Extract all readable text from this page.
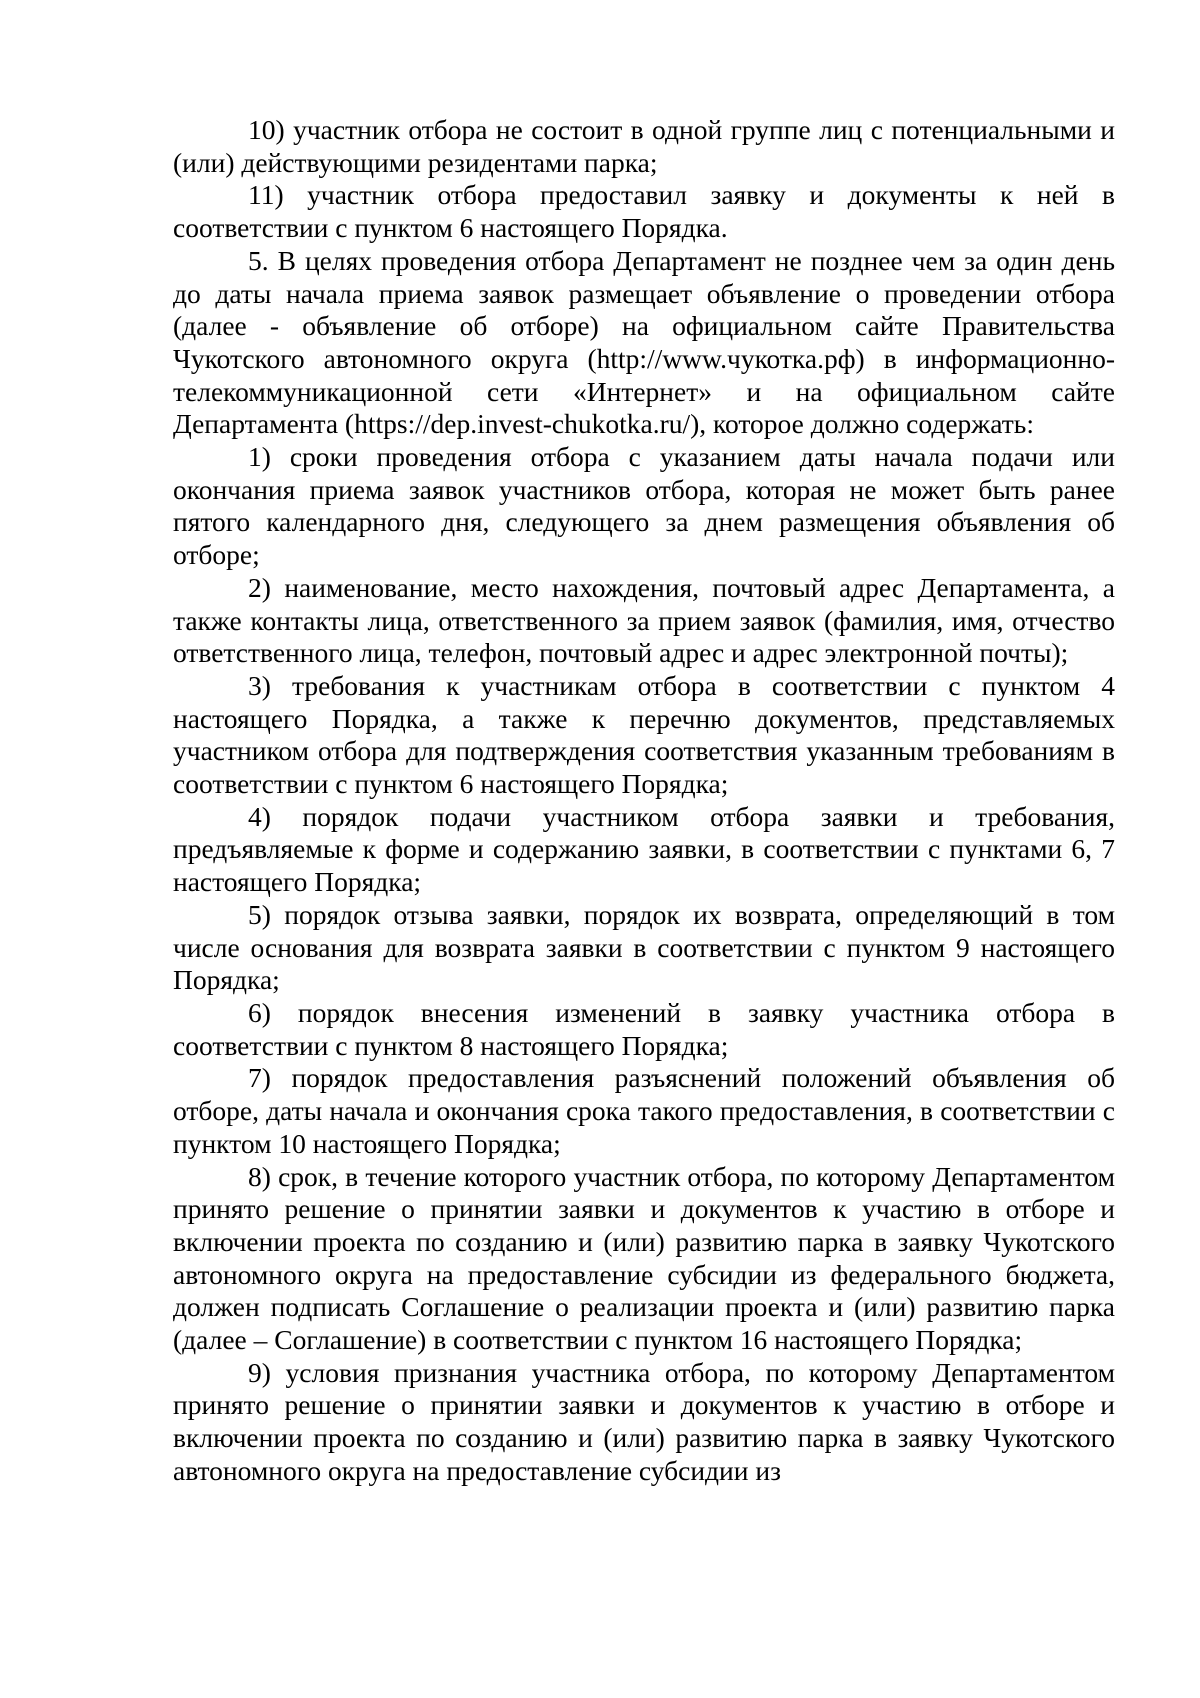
10) участник отбора не состоит в одной группе лиц с потенциальными и (или) действующими резидентами парка;

11) участник отбора предоставил заявку и документы к ней в соответствии с пунктом 6 настоящего Порядка.

5. В целях проведения отбора Департамент не позднее чем за один день до даты начала приема заявок размещает объявление о проведении отбора (далее - объявление об отборе) на официальном сайте Правительства Чукотского автономного округа (http://www.чукотка.рф) в информационно-телекоммуникационной сети «Интернет» и на официальном сайте Департамента (https://dep.invest-chukotka.ru/), которое должно содержать:

1) сроки проведения отбора с указанием даты начала подачи или окончания приема заявок участников отбора, которая не может быть ранее пятого календарного дня, следующего за днем размещения объявления об отборе;

2) наименование, место нахождения, почтовый адрес Департамента, а также контакты лица, ответственного за прием заявок (фамилия, имя, отчество ответственного лица, телефон, почтовый адрес и адрес электронной почты);

3) требования к участникам отбора в соответствии с пунктом 4 настоящего Порядка, а также к перечню документов, представляемых участником отбора для подтверждения соответствия указанным требованиям в соответствии с пунктом 6 настоящего Порядка;

4) порядок подачи участником отбора заявки и требования, предъявляемые к форме и содержанию заявки, в соответствии с пунктами 6, 7 настоящего Порядка;

5) порядок отзыва заявки, порядок их возврата, определяющий в том числе основания для возврата заявки в соответствии с пунктом 9 настоящего Порядка;

6) порядок внесения изменений в заявку участника отбора в соответствии с пунктом 8 настоящего Порядка;

7) порядок предоставления разъяснений положений объявления об отборе, даты начала и окончания срока такого предоставления, в соответствии с пунктом 10 настоящего Порядка;

8) срок, в течение которого участник отбора, по которому Департаментом принято решение о принятии заявки и документов к участию в отборе и включении проекта по созданию и (или) развитию парка в заявку Чукотского автономного округа на предоставление субсидии из федерального бюджета, должен подписать Соглашение о реализации проекта и (или) развитию парка (далее – Соглашение) в соответствии с пунктом 16 настоящего Порядка;

9) условия признания участника отбора, по которому Департаментом принято решение о принятии заявки и документов к участию в отборе и включении проекта по созданию и (или) развитию парка в заявку Чукотского автономного округа на предоставление субсидии из
